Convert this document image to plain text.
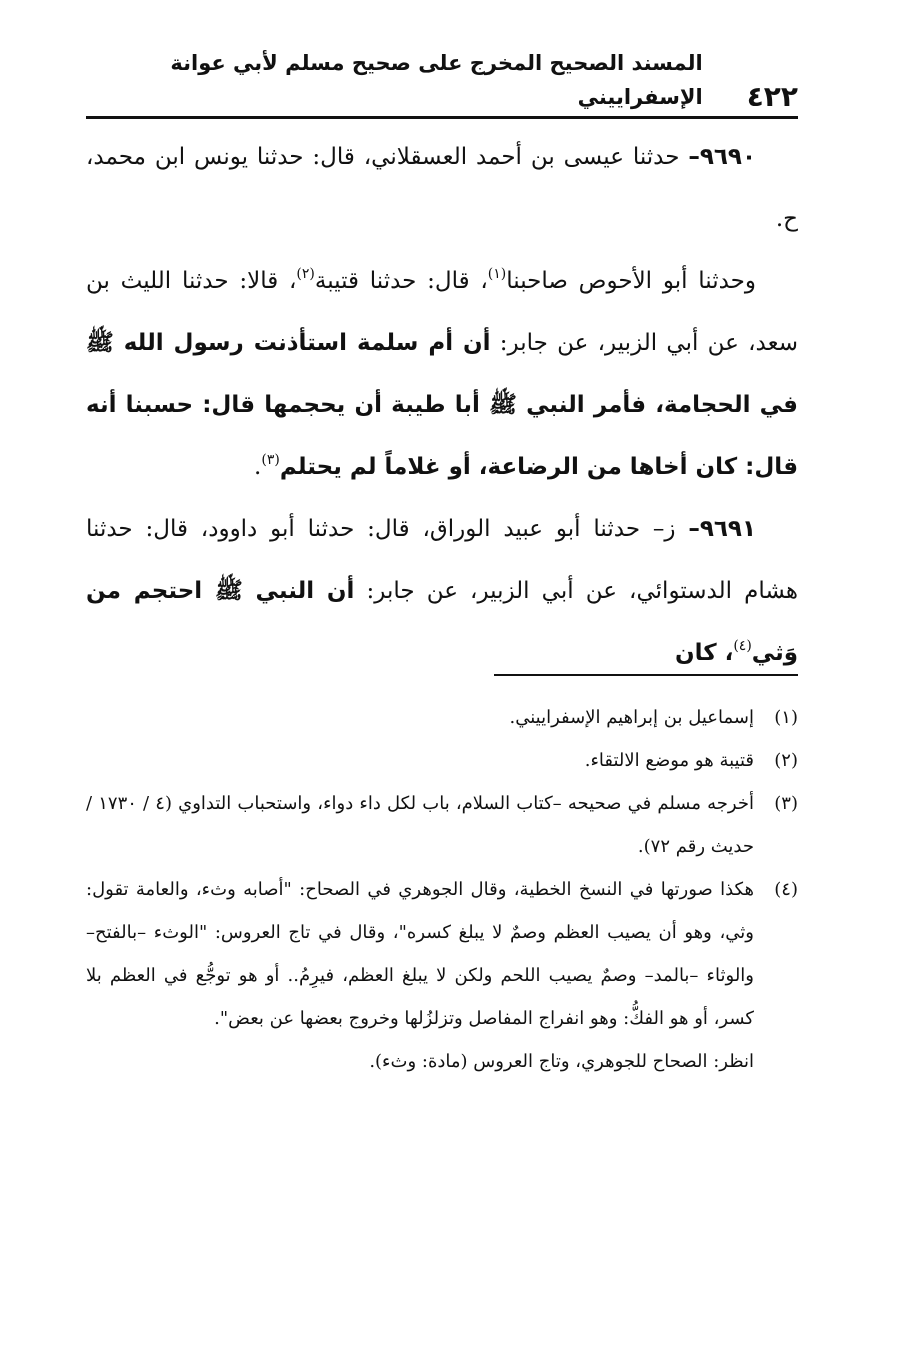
٤٢٢
المسند الصحيح المخرج على صحيح مسلم لأبي عوانة الإسفراييني

٩٦٩٠– حدثنا عيسى بن أحمد العسقلاني، قال: حدثنا يونس ابن محمد، ح.

وحدثنا أبو الأحوص صاحبنا$^{(١)}$، قال: حدثنا قتيبة$^{(٢)}$، قالا: حدثنا الليث بن سعد، عن أبي الزبير، عن جابر: أن أم سلمة استأذنت رسول الله ﷺ في الحجامة، فأمر النبي ﷺ أبا طيبة أن يحجمها قال: حسبنا أنه قال: كان أخاها من الرضاعة، أو غلاماً لم يحتلم$^{(٣)}$.

٩٦٩١– ز– حدثنا أبو عبيد الوراق، قال: حدثنا أبو داوود، قال: حدثنا هشام الدستوائي، عن أبي الزبير، عن جابر: أن النبي ﷺ احتجم من وَثي$^{(٤)}$، كان

(١)
إسماعيل بن إبراهيم الإسفراييني.

(٢)
قتيبة هو موضع الالتقاء.

(٣)
أخرجه مسلم في صحيحه –كتاب السلام، باب لكل داء دواء، واستحباب التداوي (٤ / ١٧٣٠ / حديث رقم ٧٢).

(٤)
هكذا صورتها في النسخ الخطية، وقال الجوهري في الصحاح: "أصابه وثء، والعامة تقول: وثي، وهو أن يصيب العظم وصمٌ لا يبلغ كسره"، وقال في تاج العروس: "الوثء –بالفتح– والوثاء –بالمد– وصمٌ يصيب اللحم ولكن لا يبلغ العظم، فيرِمُ.. أو هو توجُّع في العظم بلا كسر، أو هو الفكُّ: وهو انفراج المفاصل وتزلزُلها وخروج بعضها عن بعض".

انظر: الصحاح للجوهري، وتاج العروس (مادة: وثء).
